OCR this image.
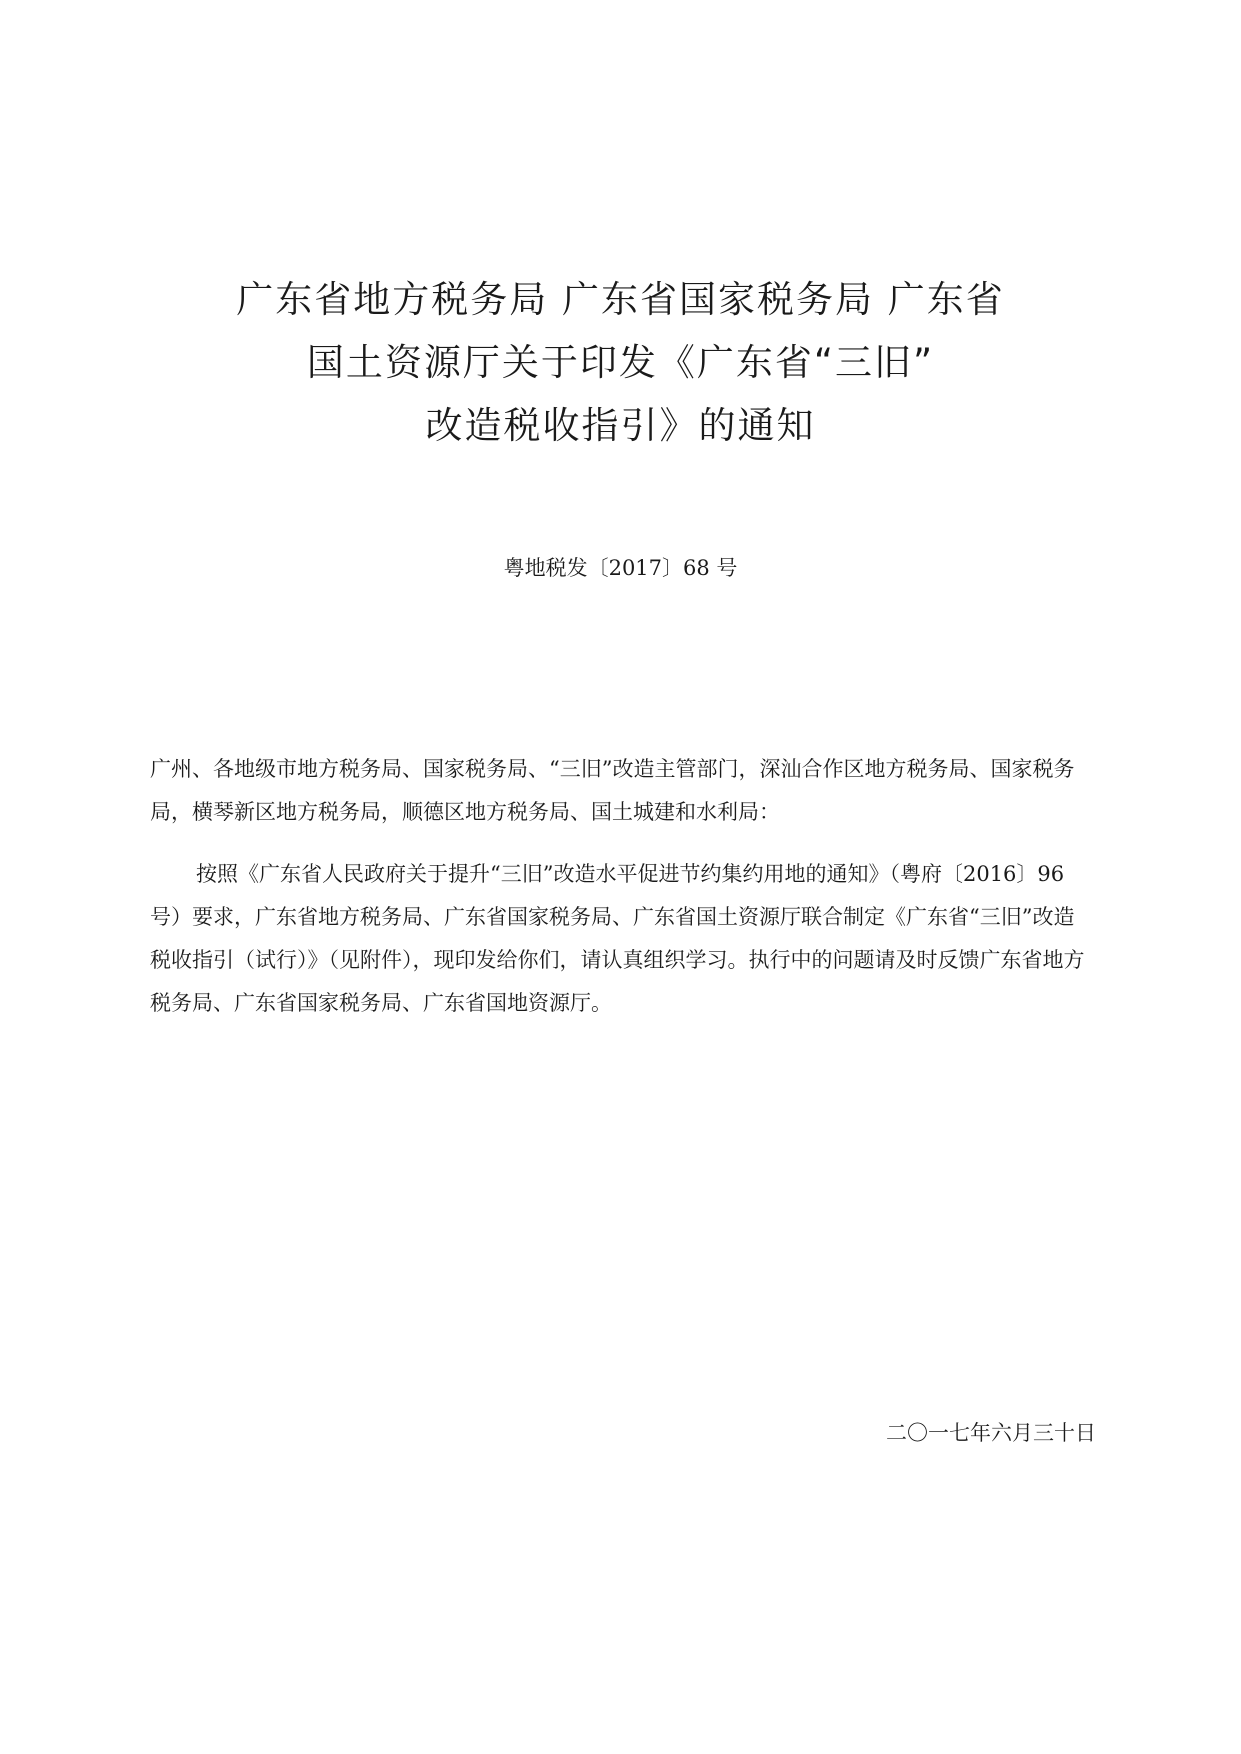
广东省地方税务局 广东省国家税务局 广东省
国土资源厅关于印发《广东省“三旧”
改造税收指引》的通知
粤地税发〔2017〕68 号

广州、各地级市地方税务局、国家税务局、“三旧”改造主管部门，深汕合作区地方税务局、国家税务局，横琴新区地方税务局，顺德区地方税务局、国土城建和水利局：

按照《广东省人民政府关于提升“三旧”改造水平促进节约集约用地的通知》（粤府〔2016〕96 号）要求，广东省地方税务局、广东省国家税务局、广东省国土资源厅联合制定《广东省“三旧”改造税收指引（试行）》（见附件），现印发给你们，请认真组织学习。执行中的问题请及时反馈广东省地方税务局、广东省国家税务局、广东省国地资源厅。

二〇一七年六月三十日
